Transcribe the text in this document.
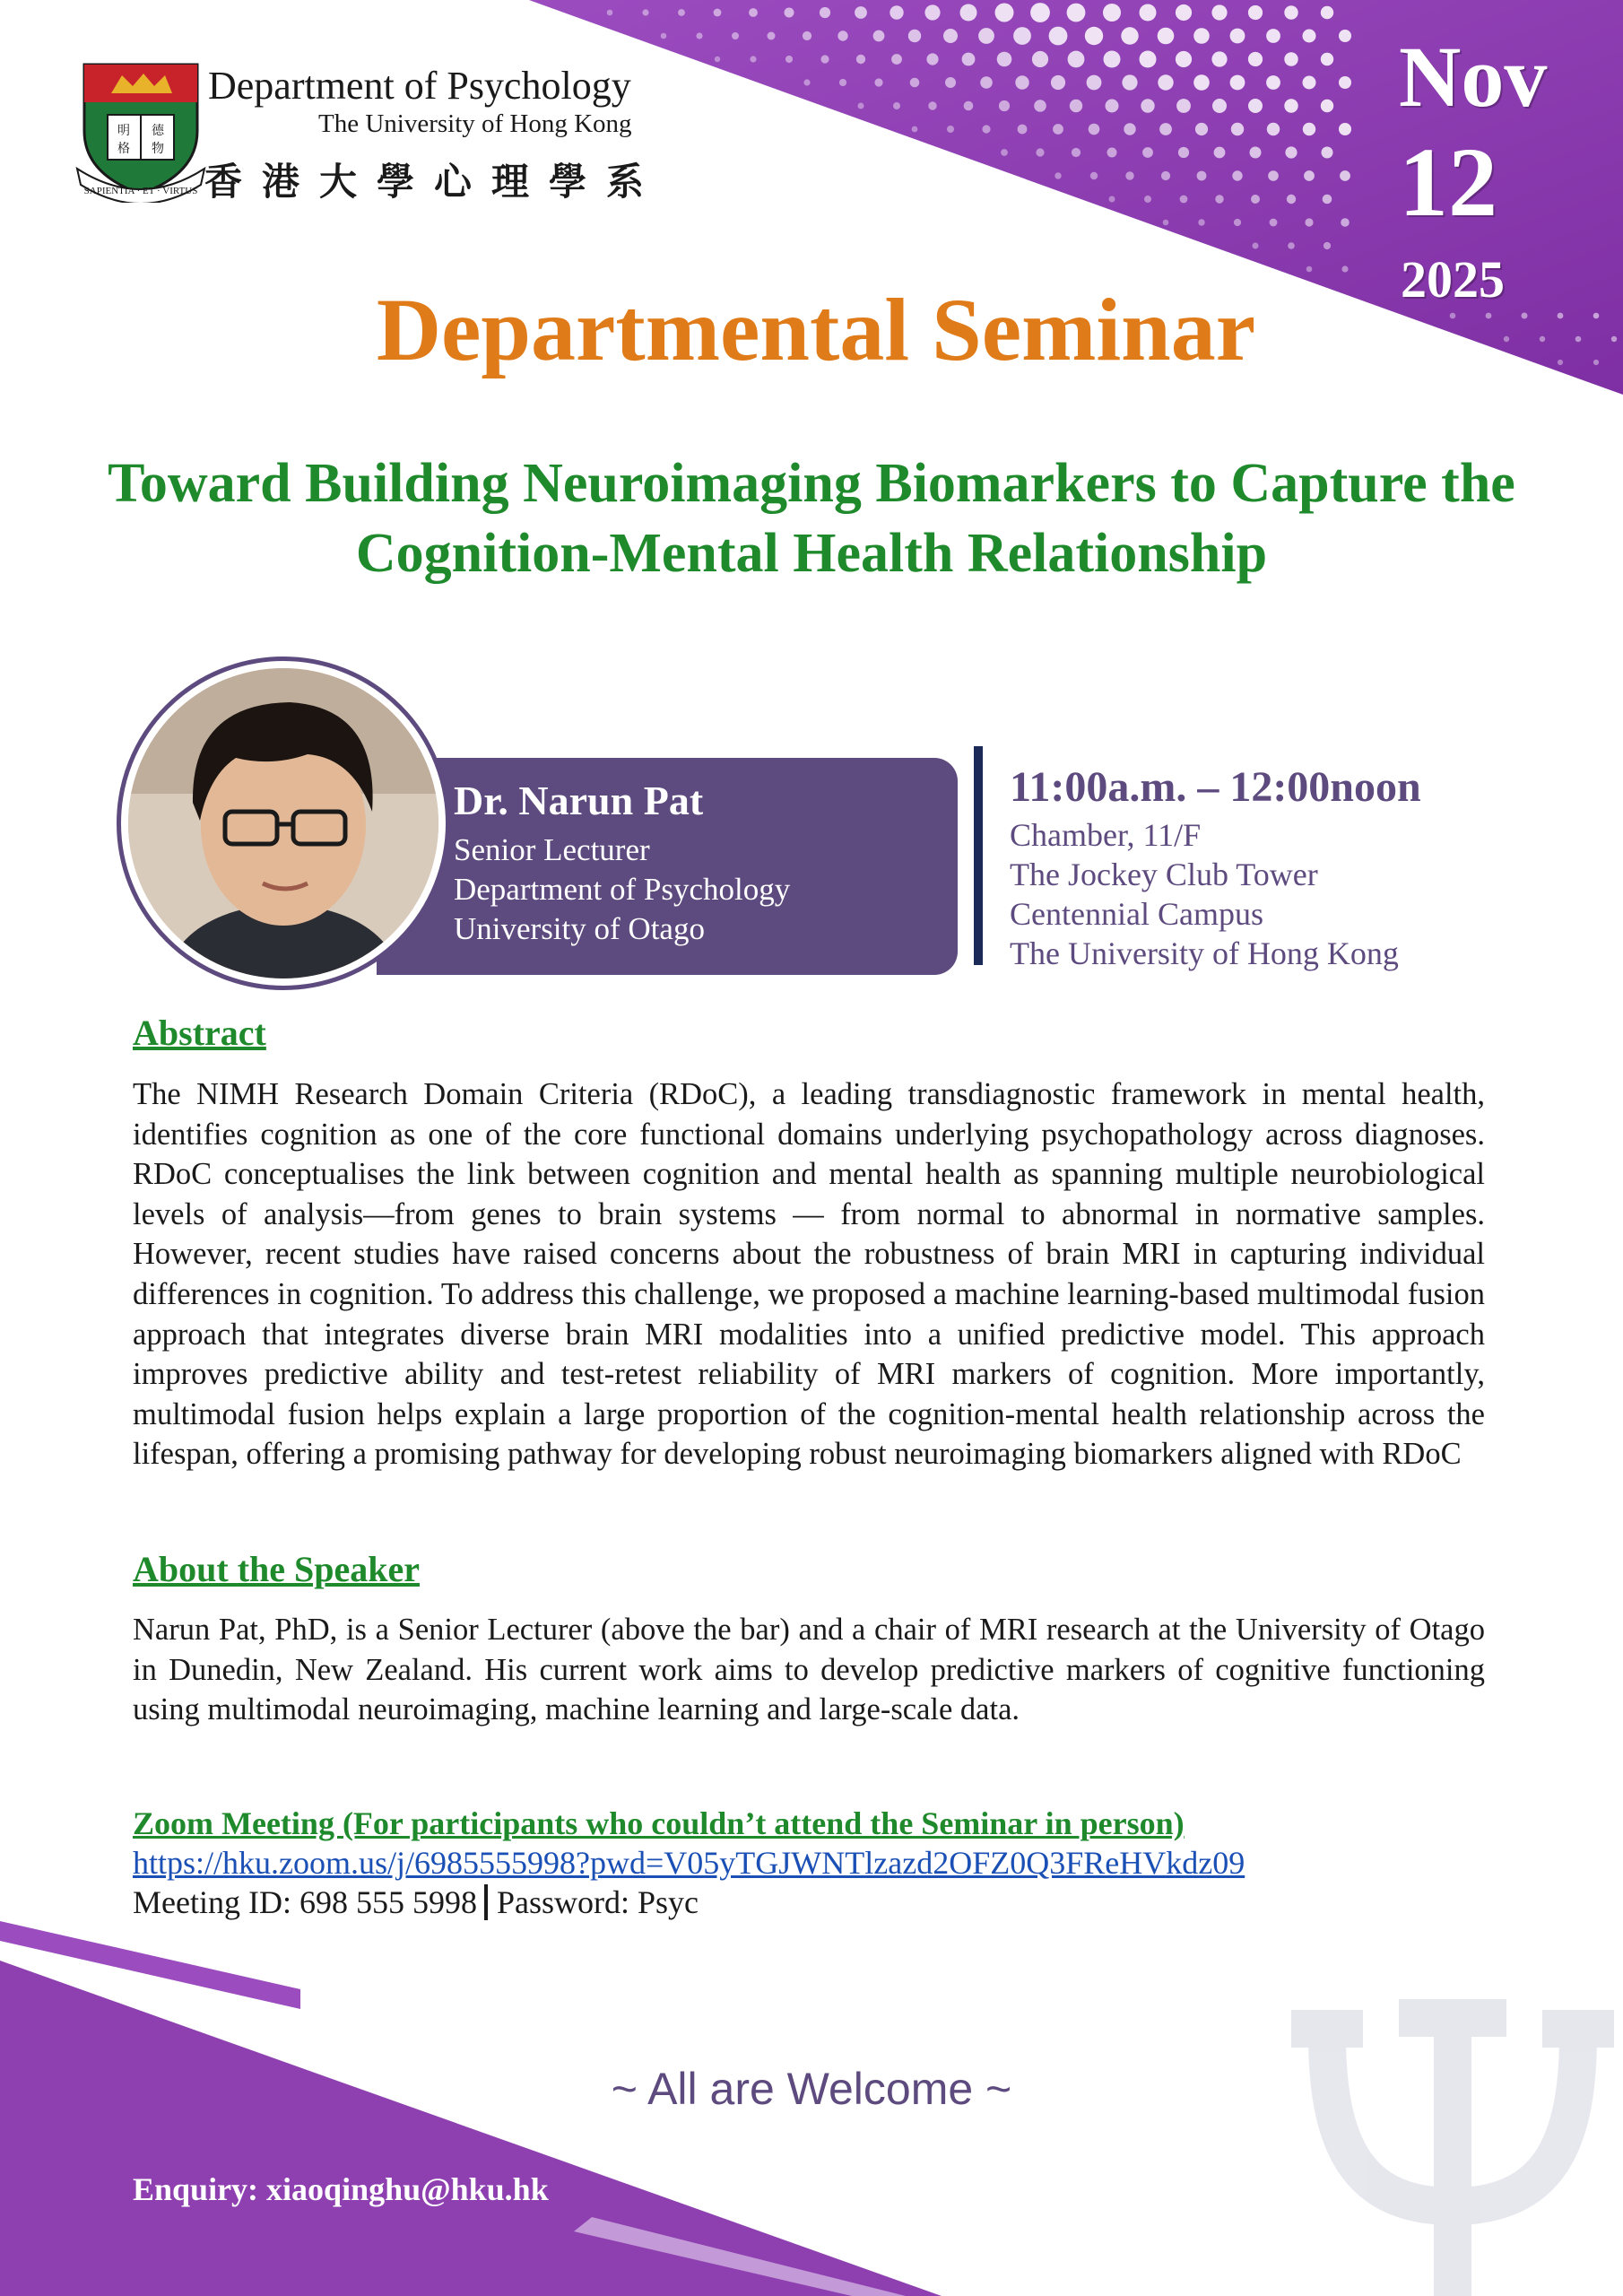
明 德
格 物
SAPIENTIA · ET · VIRTUS
Department of Psychology
The University of Hong Kong
香港大學心理學系
Nov
12
2025
Departmental Seminar
Toward Building Neuroimaging Biomarkers to Capture the Cognition-Mental Health Relationship
Dr. Narun Pat
Senior Lecturer
Department of Psychology
University of Otago
11:00a.m. – 12:00noon
Chamber, 11/F
The Jockey Club Tower
Centennial Campus
The University of Hong Kong
Abstract
The NIMH Research Domain Criteria (RDoC), a leading transdiagnostic framework in mental health, identifies cognition as one of the core functional domains underlying psychopathology across diagnoses. RDoC conceptualises the link between cognition and mental health as spanning multiple neurobiological levels of analysis—from genes to brain systems — from normal to abnormal in normative samples. However, recent studies have raised concerns about the robustness of brain MRI in capturing individual differences in cognition. To address this challenge, we proposed a machine learning-based multimodal fusion approach that integrates diverse brain MRI modalities into a unified predictive model. This approach improves predictive ability and test-retest reliability of MRI markers of cognition. More importantly, multimodal fusion helps explain a large proportion of the cognition-mental health relationship across the lifespan, offering a promising pathway for developing robust neuroimaging biomarkers aligned with RDoC
About the Speaker
Narun Pat, PhD, is a Senior Lecturer (above the bar) and a chair of MRI research at the University of Otago in Dunedin, New Zealand. His current work aims to develop predictive markers of cognitive functioning using multimodal neuroimaging, machine learning and large-scale data.
Zoom Meeting (For participants who couldn’t attend the Seminar in person)
https://hku.zoom.us/j/6985555998?pwd=V05yTGJWNTlzazd2OFZ0Q3FReHVkdz09
Meeting ID: 698 555 5998 Password: Psyc
~ All are Welcome ~
Enquiry: xiaoqinghu@hku.hk
